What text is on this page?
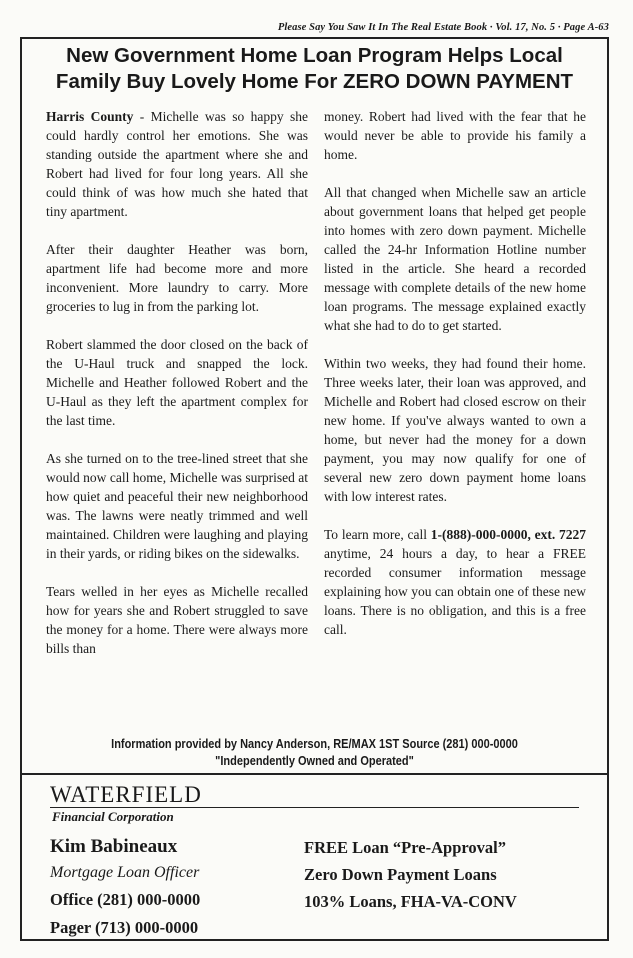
Please Say You Saw It In The Real Estate Book · Vol. 17, No. 5 · Page A-63
New Government Home Loan Program Helps Local
Family Buy Lovely Home For ZERO DOWN PAYMENT

Harris County - Michelle was so happy she could hardly control her emotions. She was standing outside the apartment where she and Robert had lived for four long years. All she could think of was how much she hated that tiny apartment.

After their daughter Heather was born, apartment life had become more and more inconvenient. More laundry to carry. More groceries to lug in from the parking lot.

Robert slammed the door closed on the back of the U-Haul truck and snapped the lock. Michelle and Heather followed Robert and the U-Haul as they left the apartment complex for the last time.

As she turned on to the tree-lined street that she would now call home, Michelle was surprised at how quiet and peaceful their new neighborhood was. The lawns were neatly trimmed and well maintained. Children were laughing and playing in their yards, or riding bikes on the sidewalks.

Tears welled in her eyes as Michelle recalled how for years she and Robert struggled to save the money for a home. There were always more bills than

money. Robert had lived with the fear that he would never be able to provide his family a home.

All that changed when Michelle saw an article about government loans that helped get people into homes with zero down payment. Michelle called the 24-hr Information Hotline number listed in the article. She heard a recorded message with complete details of the new home loan programs. The message explained exactly what she had to do to get started.

Within two weeks, they had found their home. Three weeks later, their loan was approved, and Michelle and Robert had closed escrow on their new home. If you've always wanted to own a home, but never had the money for a down payment, you may now qualify for one of several new zero down payment home loans with low interest rates.

To learn more, call 1-(888)-000-0000, ext. 7227 anytime, 24 hours a day, to hear a FREE recorded consumer information message explaining how you can obtain one of these new loans. There is no obligation, and this is a free call.

Information provided by Nancy Anderson, RE/MAX 1ST Source (281) 000-0000
"Independently Owned and Operated"
WATERFIELD
Financial Corporation
Kim Babineaux
Mortgage Loan Officer
Office (281) 000-0000
Pager (713) 000-0000
FREE Loan “Pre-Approval”
Zero Down Payment Loans
103% Loans, FHA-VA-CONV
